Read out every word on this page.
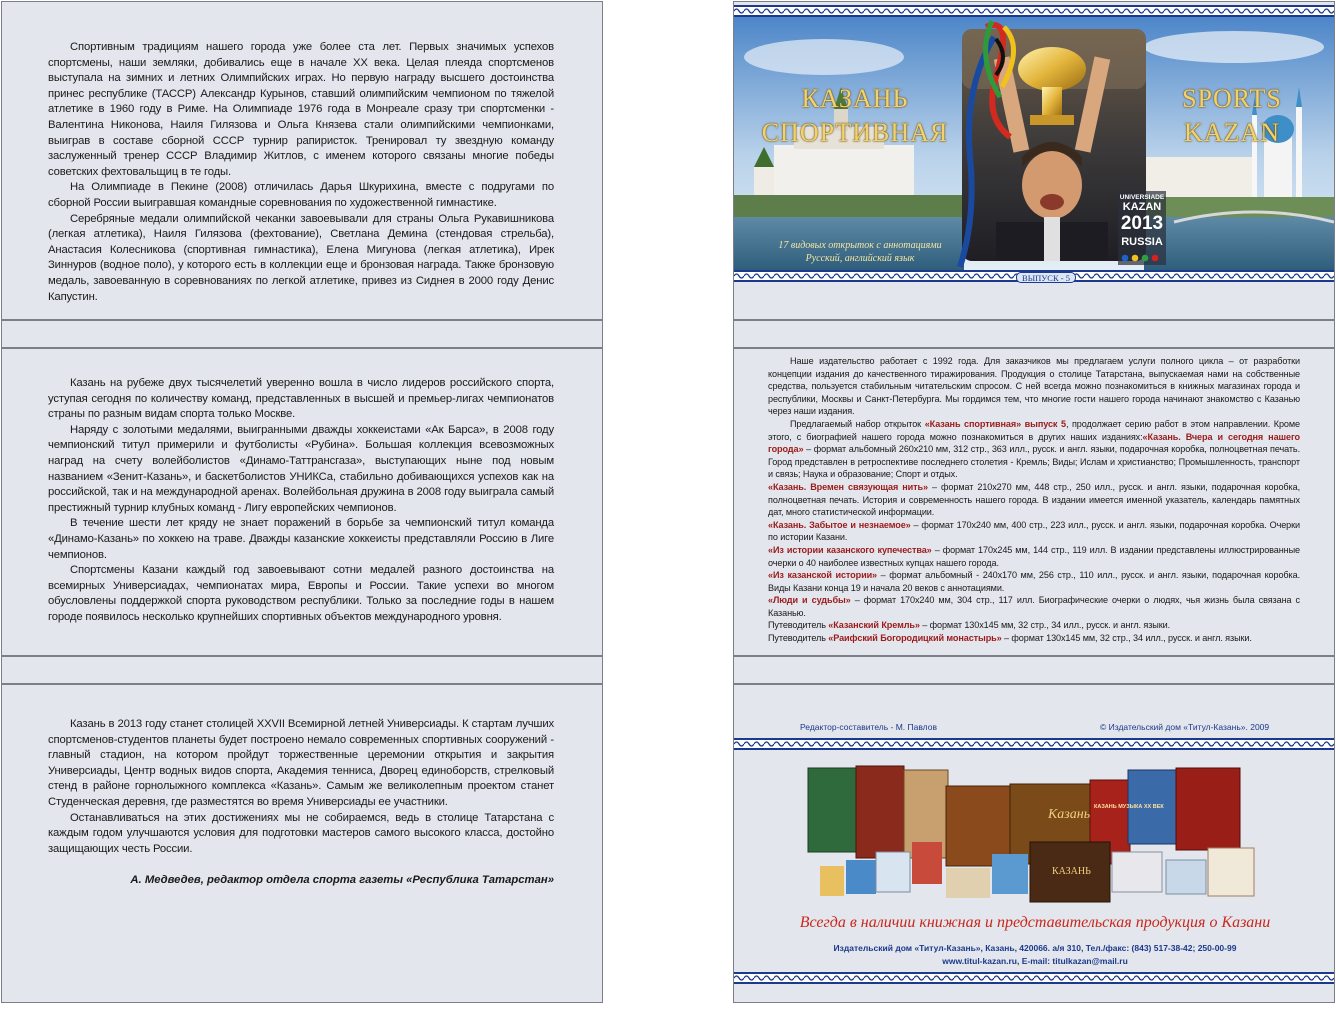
Спортивным традициям нашего города уже более ста лет. Первых значимых успехов спортсмены, наши земляки, добивались еще в начале XX века. Целая плеяда спортсменов выступала на зимних и летних Олимпийских играх. Но первую награду высшего достоинства принес республике (ТАССР) Александр Курынов, ставший олимпийским чемпионом по тяжелой атлетике в 1960 году в Риме. На Олимпиаде 1976 года в Монреале сразу три спортсменки - Валентина Никонова, Наиля Гилязова и Ольга Князева стали олимпийскими чемпионками, выиграв в составе сборной СССР турнир рапиристок. Тренировал ту звездную команду заслуженный тренер СССР Владимир Житлов, с именем которого связаны многие победы советских фехтовальщиц в те годы.

На Олимпиаде в Пекине (2008) отличилась Дарья Шкурихина, вместе с подругами по сборной России выигравшая командные соревнования по художественной гимнастике.

Серебряные медали олимпийской чеканки завоевывали для страны Ольга Рукавишникова (легкая атлетика), Наиля Гилязова (фехтование), Светлана Демина (стендовая стрельба), Анастасия Колесникова (спортивная гимнастика), Елена Мигунова (легкая атлетика), Ирек Зиннуров (водное поло), у которого есть в коллекции еще и бронзовая награда. Также бронзовую медаль, завоеванную в соревнованиях по легкой атлетике, привез из Сиднея в 2000 году Денис Капустин.

Казань на рубеже двух тысячелетий уверенно вошла в число лидеров российского спорта, уступая сегодня по количеству команд, представленных в высшей и премьер-лигах чемпионатов страны по разным видам спорта только Москве.

Наряду с золотыми медалями, выигранными дважды хоккеистами «Ак Барса», в 2008 году чемпионский титул примерили и футболисты «Рубина». Большая коллекция всевозможных наград на счету волейболистов «Динамо-Таттрансгаза», выступающих ныне под новым названием «Зенит-Казань», и баскетболистов УНИКСа, стабильно добивающихся успехов как на российской, так и на международной аренах. Волейбольная дружина в 2008 году выиграла самый престижный турнир клубных команд - Лигу европейских чемпионов.

В течение шести лет кряду не знает поражений в борьбе за чемпионский титул команда «Динамо-Казань» по хоккею на траве. Дважды казанские хоккеисты представляли Россию в Лиге чемпионов.

Спортсмены Казани каждый год завоевывают сотни медалей разного достоинства на всемирных Универсиадах, чемпионатах мира, Европы и России. Такие успехи во многом обусловлены поддержкой спорта руководством республики. Только за последние годы в нашем городе появилось несколько крупнейших спортивных объектов международного уровня.

Казань в 2013 году станет столицей XXVII Всемирной летней Универсиады. К стартам лучших спортсменов-студентов планеты будет построено немало современных спортивных сооружений - главный стадион, на котором пройдут торжественные церемонии открытия и закрытия Универсиады, Центр водных видов спорта, Академия тенниса, Дворец единоборств, стрелковый стенд в районе горнолыжного комплекса «Казань». Самым же великолепным проектом станет Студенческая деревня, где разместятся во время Универсиады ее участники.

Останавливаться на этих достижениях мы не собираемся, ведь в столице Татарстана с каждым годом улучшаются условия для подготовки мастеров самого высокого класса, достойно защищающих честь России.

А. Медведев, редактор отдела спорта газеты «Республика Татарстан»
КАЗАНЬ
СПОРТИВНАЯ
SPORTS
KAZAN
17 видовых открыток с аннотациями
Русский, английский язык
UNIVERSIADE
KAZAN
2013
RUSSIA
ВЫПУСК - 5

Наше издательство работает с 1992 года. Для заказчиков мы предлагаем услуги полного цикла – от разработки концепции издания до качественного тиражирования. Продукция о столице Татарстана, выпускаемая нами на собственные средства, пользуется стабильным читательским спросом. С ней всегда можно познакомиться в книжных магазинах города и республики, Москвы и Санкт-Петербурга. Мы гордимся тем, что многие гости нашего города начинают знакомство с Казанью через наши издания.

Предлагаемый набор открыток «Казань спортивная» выпуск 5, продолжает серию работ в этом направлении. Кроме этого, с биографией нашего города можно познакомиться в других наших изданиях:«Казань. Вчера и сегодня нашего города» – формат альбомный 260х210 мм, 312 стр., 363 илл., русск. и англ. языки, подарочная коробка, полноцветная печать. Город представлен в ретроспективе последнего столетия - Кремль; Виды; Ислам и христианство; Промышленность, транспорт и связь; Наука и образование; Спорт и отдых.

«Казань. Времен связующая нить» – формат 210х270 мм, 448 стр., 250 илл., русск. и англ. языки, подарочная коробка, полноцветная печать. История и современность нашего города. В издании имеется именной указатель, календарь памятных дат, много статистической информации.

«Казань. Забытое и незнаемое» – формат 170х240 мм, 400 стр., 223 илл., русск. и англ. языки, подарочная коробка. Очерки по истории Казани.

«Из истории казанского купечества» – формат 170х245 мм, 144 стр., 119 илл. В издании представлены иллюстрированные очерки о 40 наиболее известных купцах нашего города.

«Из казанской истории» – формат альбомный - 240х170 мм, 256 стр., 110 илл., русск. и англ. языки, подарочная коробка. Виды Казани конца 19 и начала 20 веков с аннотациями.

«Люди и судьбы» – формат 170х240 мм, 304 стр., 117 илл. Биографические очерки о людях, чья жизнь была связана с Казанью.

Путеводитель «Казанский Кремль» – формат 130х145 мм, 32 стр., 34 илл., русск. и англ. языки.

Путеводитель «Раифский Богородицкий монастырь» – формат 130х145 мм, 32 стр., 34 илл., русск. и англ. языки.

Редактор-составитель - М. Павлов	© Издательский дом «Титул-Казань». 2009
Казань
КАЗАНЬ
КАЗАНЬ МУЗЫКА XX ВЕК
Всегда в наличии книжная и представительская продукция о Казани
Издательский дом «Титул-Казань», Казань, 420066. а/я 310, Тел./факс: (843) 517-38-42; 250-00-99
www.titul-kazan.ru, E-mail: titulkazan@mail.ru
